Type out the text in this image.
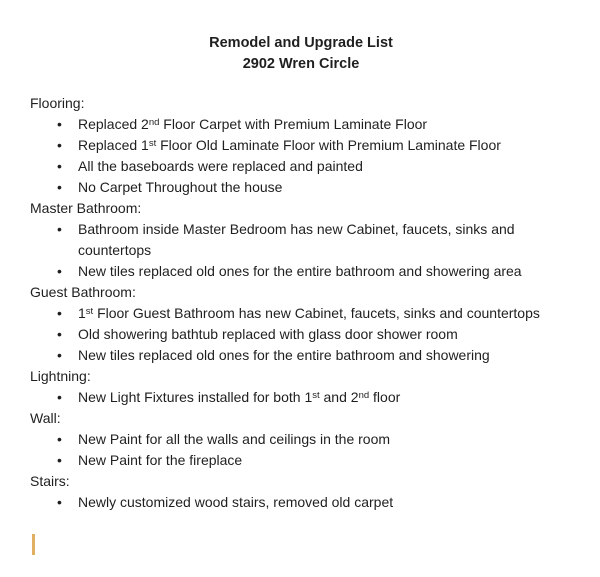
Remodel and Upgrade List
2902 Wren Circle
Flooring:
• Replaced 2nd Floor Carpet with Premium Laminate Floor
• Replaced 1st Floor Old Laminate Floor with Premium Laminate Floor
• All the baseboards were replaced and painted
• No Carpet Throughout the house
Master Bathroom:
• Bathroom inside Master Bedroom has new Cabinet, faucets, sinks and
countertops
• New tiles replaced old ones for the entire bathroom and showering area
Guest Bathroom:
• 1st Floor Guest Bathroom has new Cabinet, faucets, sinks and countertops
• Old showering bathtub replaced with glass door shower room
• New tiles replaced old ones for the entire bathroom and showering
Lightning:
• New Light Fixtures installed for both 1st and 2nd floor
Wall:
• New Paint for all the walls and ceilings in the room
• New Paint for the fireplace
Stairs:
• Newly customized wood stairs, removed old carpet
